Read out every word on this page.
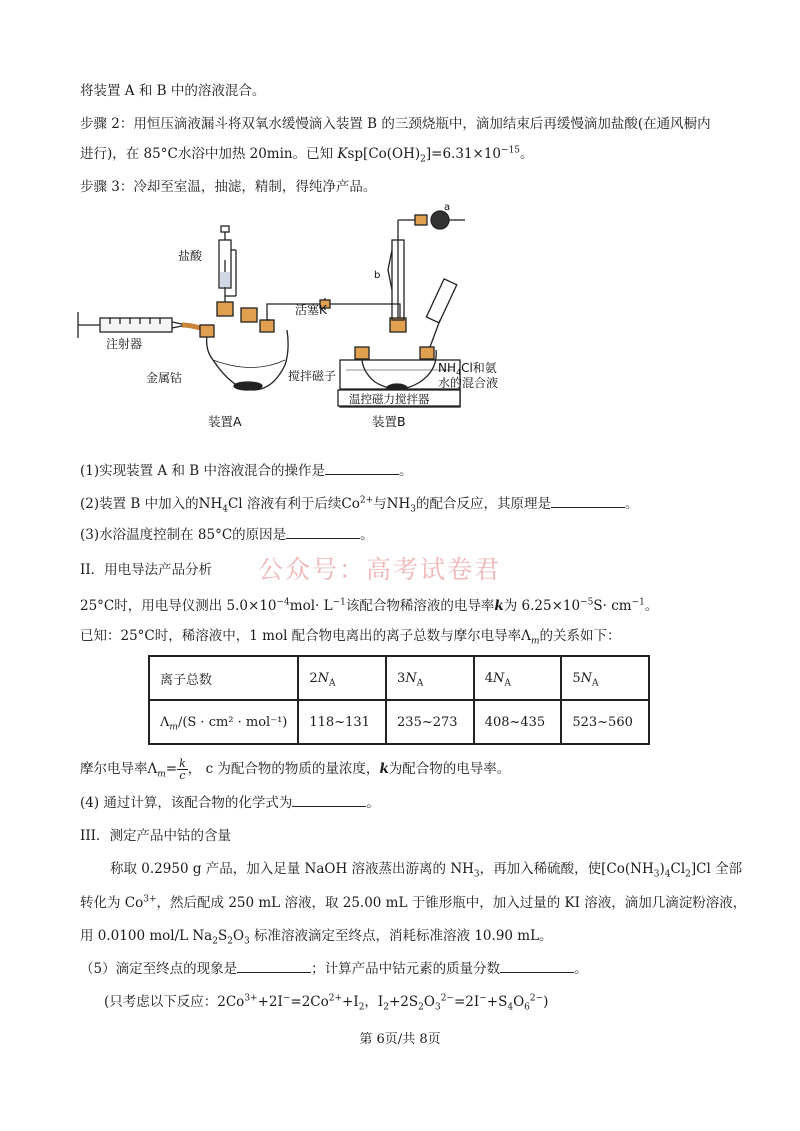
将装置 A 和 B 中的溶液混合。
步骤 2：用恒压滴液漏斗将双氧水缓慢滴入装置 B 的三颈烧瓶中，滴加结束后再缓慢滴加盐酸(在通风橱内
进行)，在 85°C水浴中加热 20min。已知 $Ksp[Co(OH)_2]=6.31\times 10^{-15}$。
步骤 3：冷却至室温，抽滤，精制，得纯净产品。
盐酸
注射器
金属钴
活塞K
搅拌磁子
$NH_4Cl$和氨
水的混合液
温控磁力搅拌器
装置A	装置B
a
b
(1)实现装置 A 和 B 中溶液混合的操作是	。
(2)装置 B 中加入的$NH_4Cl$ 溶液有利于后续$Co^{2+}$与$NH_3$的配合反应，其原理是	。
(3)水浴温度控制在 85°C的原因是	。
II．用电导法产品分析 公众号：高考试卷君
25°C时，用电导仪测出 $5.0\times 10^{-4}mol\cdot L^{-1}$该配合物稀溶液的电导率k为 $6.25\times 10^{-5}S\cdot cm^{-1}$。
已知：25°C时，稀溶液中，1 mol 配合物电离出的离子总数与摩尔电导率$\Lambda_m$的关系如下：
离子总数	$2N_A$	$3N_A$	$4N_A$	$5N_A$
$\Lambda_m/(S \cdot cm^2 \cdot mol^{-1})$	118~131	235~273	408~435	523~560
摩尔电导率$\Lambda_m= \frac{k}{c}$ ， c 为配合物的物质的量浓度，k为配合物的电导率。
(4) 通过计算，该配合物的化学式为	。
III．测定产品中钴的含量
称取 0.2950 g 产品，加入足量 NaOH 溶液蒸出游离的 $NH_3$，再加入稀硫酸，使$[Co(NH_3)_4Cl_2]Cl$ 全部
转化为 $Co^{3+}$，然后配成 250 mL 溶液，取 25.00 mL 于锥形瓶中，加入过量的 KI 溶液，滴加几滴淀粉溶液，
用 0.0100 mol/L $Na_2S_2O_3$ 标准溶液滴定至终点，消耗标准溶液 10.90 mL。
（5）滴定至终点的现象是	；计算产品中钴元素的质量分数	。
(只考虑以下反应：$2Co^{3+}+2I^-=2Co^{2+}+I_2$，$I_2+2S_2O_3^{2-}=2I^-+S_4O_6^{2-}$)
第 6页/共 8页
